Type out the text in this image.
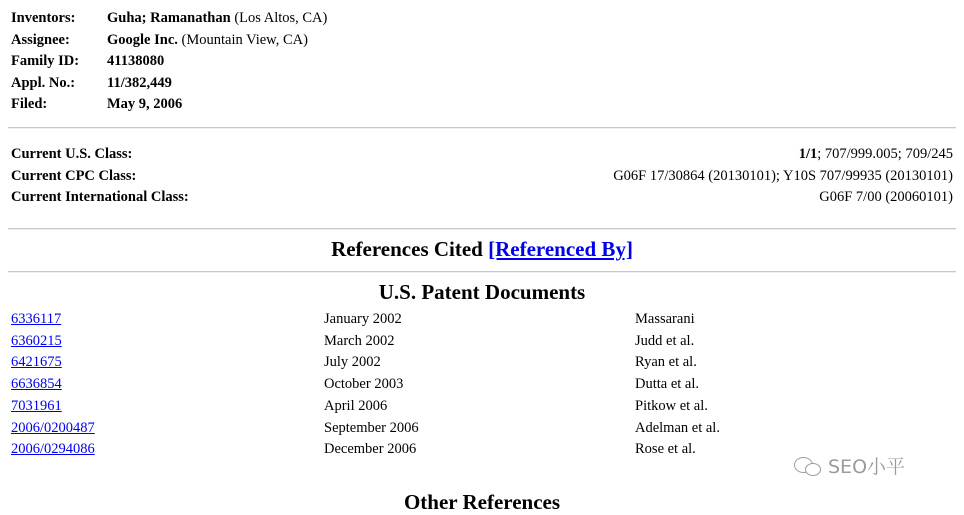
Inventors: Guha; Ramanathan (Los Altos, CA)
Assignee:	Google Inc. (Mountain View, CA)
Family ID: 41138080
Appl. No.: 11/382,449
Filed:	May 9, 2006
Current U.S. Class:	1/1; 707/999.005; 709/245
Current CPC Class:	G06F 17/30864 (20130101); Y10S 707/99935 (20130101)
Current International Class:	G06F 7/00 (20060101)
References Cited [Referenced By]
U.S. Patent Documents
6336117	January 2002	Massarani
6360215	March 2002	Judd et al.
6421675	July 2002	Ryan et al.
6636854	October 2003	Dutta et al.
7031961	April 2006	Pitkow et al.
2006/0200487	September 2006	Adelman et al.
2006/0294086	December 2006	Rose et al.
SEO小平
Other References
